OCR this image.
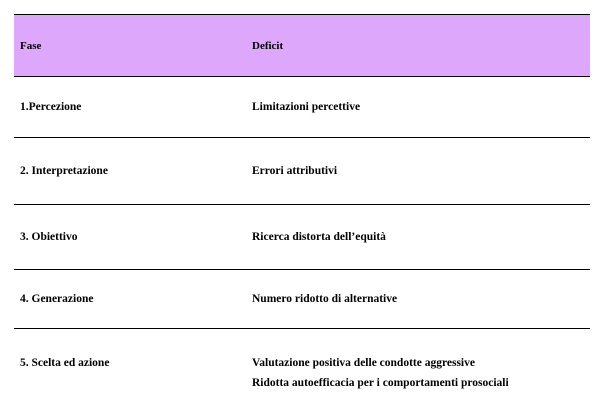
Fase	Deficit
1.Percezione	Limitazioni percettive
2. Interpretazione	Errori attributivi
3. Obiettivo	Ricerca distorta dell’equità
4. Generazione	Numero ridotto di alternative
5. Scelta ed azione	Valutazione positiva delle condotte aggressive
Ridotta autoefficacia per i comportamenti prosociali
